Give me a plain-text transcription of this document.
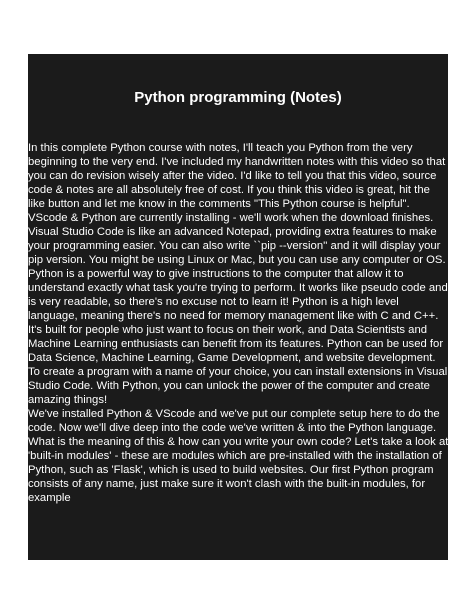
Python programming (Notes)

In this complete Python course with notes, I'll teach you Python from the very beginning to the very end. I've included my handwritten notes with this video so that you can do revision wisely after the video. I'd like to tell you that this video, source code & notes are all absolutely free of cost. If you think this video is great, hit the like button and let me know in the comments "This Python course is helpful". VScode & Python are currently installing - we'll work when the download finishes. Visual Studio Code is like an advanced Notepad, providing extra features to make your programming easier. You can also write ``pip --version'' and it will display your pip version. You might be using Linux or Mac, but you can use any computer or OS.

Python is a powerful way to give instructions to the computer that allow it to understand exactly what task you're trying to perform. It works like pseudo code and is very readable, so there's no excuse not to learn it! Python is a high level language, meaning there's no need for memory management like with C and C++. It's built for people who just want to focus on their work, and Data Scientists and Machine Learning enthusiasts can benefit from its features. Python can be used for Data Science, Machine Learning, Game Development, and website development. To create a program with a name of your choice, you can install extensions in Visual Studio Code. With Python, you can unlock the power of the computer and create amazing things!

We've installed Python & VScode and we've put our complete setup here to do the code. Now we'll dive deep into the code we've written & into the Python language. What is the meaning of this & how can you write your own code? Let's take a look at 'built-in modules' - these are modules which are pre-installed with the installation of Python, such as 'Flask', which is used to build websites. Our first Python program consists of any name, just make sure it won't clash with the built-in modules, for example
